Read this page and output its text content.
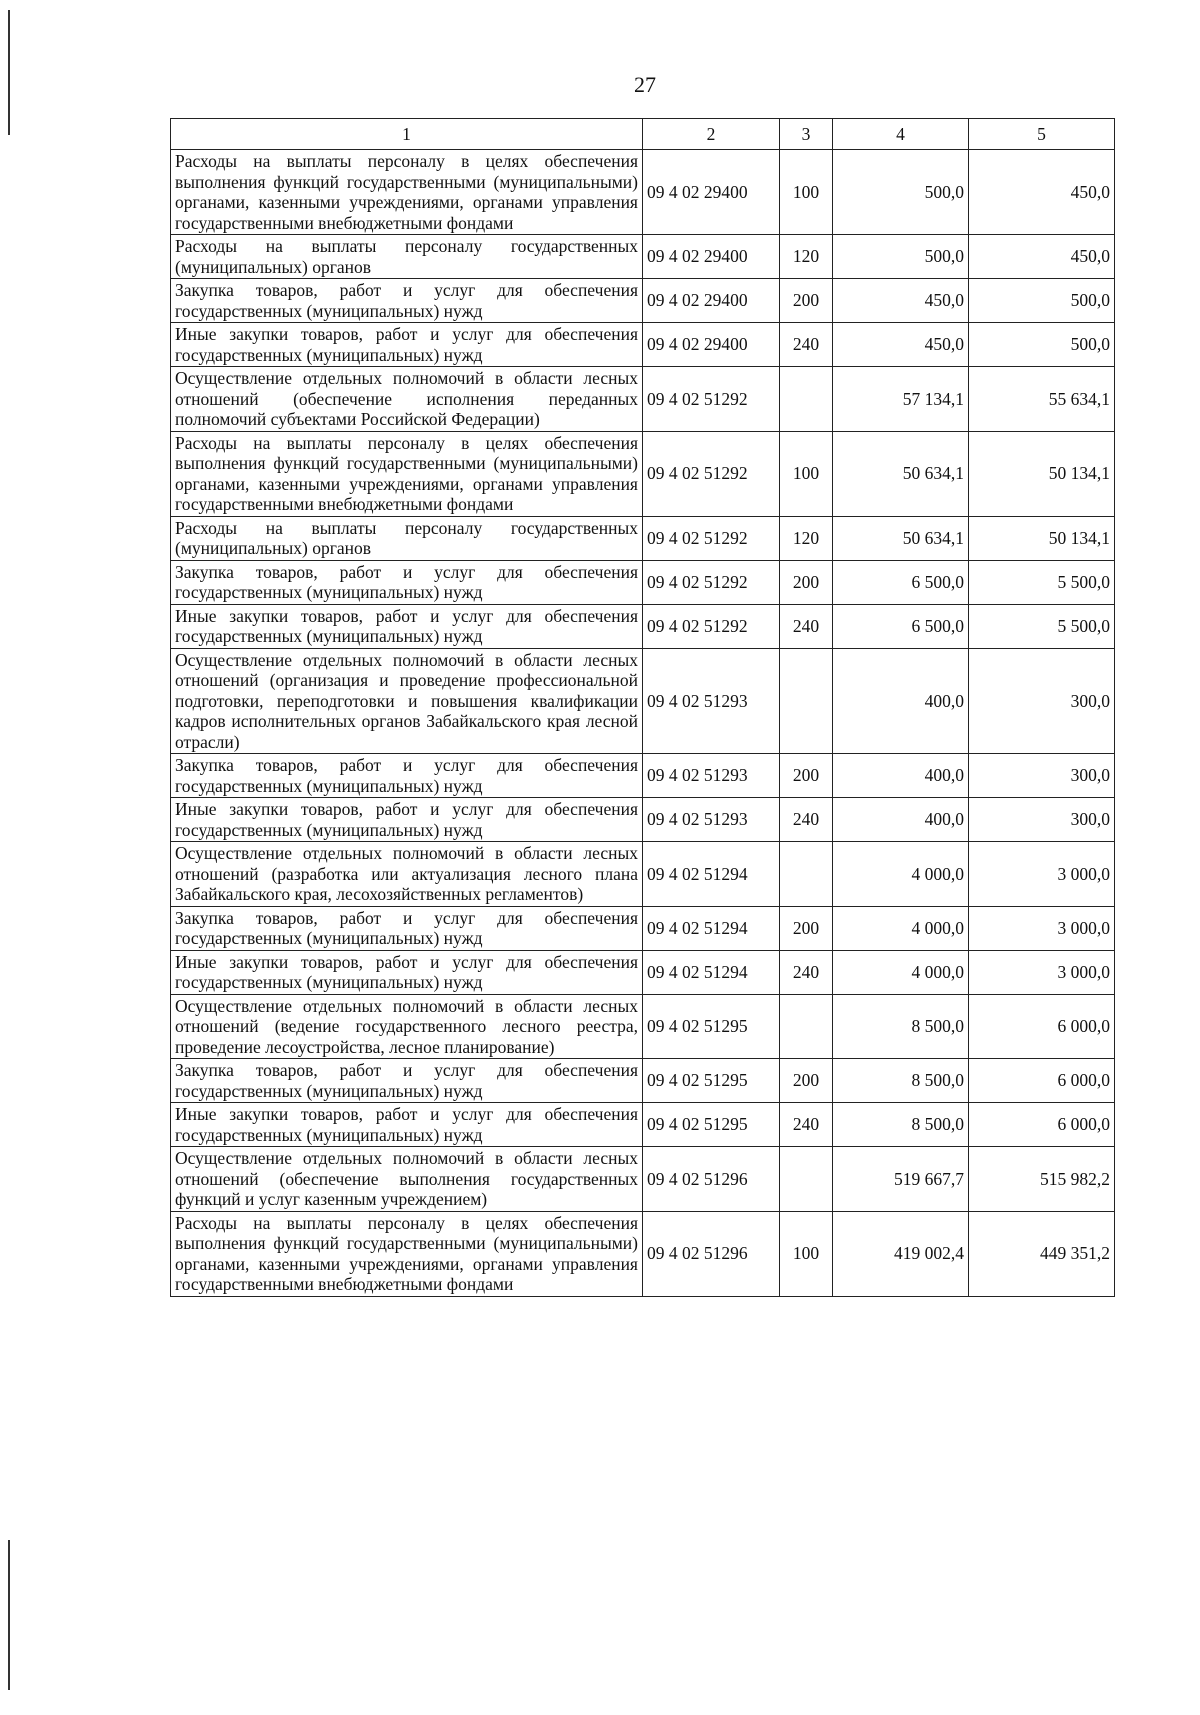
27
1	2	3	4	5
Расходы на выплаты персоналу в целях обеспечения выполнения функций государственными (муниципальными) органами, казенными учреждениями, органами управления государственными внебюджетными фондами	09 4 02 29400	100	500,0	450,0
Расходы на выплаты персоналу государственных (муниципальных) органов	09 4 02 29400	120	500,0	450,0
Закупка товаров, работ и услуг для обеспечения государственных (муниципальных) нужд	09 4 02 29400	200	450,0	500,0
Иные закупки товаров, работ и услуг для обеспечения государственных (муниципальных) нужд	09 4 02 29400	240	450,0	500,0
Осуществление отдельных полномочий в области лесных отношений (обеспечение исполнения переданных полномочий субъектами Российской Федерации)	09 4 02 51292		57 134,1	55 634,1
Расходы на выплаты персоналу в целях обеспечения выполнения функций государственными (муниципальными) органами, казенными учреждениями, органами управления государственными внебюджетными фондами	09 4 02 51292	100	50 634,1	50 134,1
Расходы на выплаты персоналу государственных (муниципальных) органов	09 4 02 51292	120	50 634,1	50 134,1
Закупка товаров, работ и услуг для обеспечения государственных (муниципальных) нужд	09 4 02 51292	200	6 500,0	5 500,0
Иные закупки товаров, работ и услуг для обеспечения государственных (муниципальных) нужд	09 4 02 51292	240	6 500,0	5 500,0
Осуществление отдельных полномочий в области лесных отношений (организация и проведение профессиональной подготовки, переподготовки и повышения квалификации кадров исполнительных органов Забайкальского края лесной отрасли)	09 4 02 51293		400,0	300,0
Закупка товаров, работ и услуг для обеспечения государственных (муниципальных) нужд	09 4 02 51293	200	400,0	300,0
Иные закупки товаров, работ и услуг для обеспечения государственных (муниципальных) нужд	09 4 02 51293	240	400,0	300,0
Осуществление отдельных полномочий в области лесных отношений (разработка или актуализация лесного плана Забайкальского края, лесохозяйственных регламентов)	09 4 02 51294		4 000,0	3 000,0
Закупка товаров, работ и услуг для обеспечения государственных (муниципальных) нужд	09 4 02 51294	200	4 000,0	3 000,0
Иные закупки товаров, работ и услуг для обеспечения государственных (муниципальных) нужд	09 4 02 51294	240	4 000,0	3 000,0
Осуществление отдельных полномочий в области лесных отношений (ведение государственного лесного реестра, проведение лесоустройства, лесное планирование)	09 4 02 51295		8 500,0	6 000,0
Закупка товаров, работ и услуг для обеспечения государственных (муниципальных) нужд	09 4 02 51295	200	8 500,0	6 000,0
Иные закупки товаров, работ и услуг для обеспечения государственных (муниципальных) нужд	09 4 02 51295	240	8 500,0	6 000,0
Осуществление отдельных полномочий в области лесных отношений (обеспечение выполнения государственных функций и услуг казенным учреждением)	09 4 02 51296		519 667,7	515 982,2
Расходы на выплаты персоналу в целях обеспечения выполнения функций государственными (муниципальными) органами, казенными учреждениями, органами управления государственными внебюджетными фондами	09 4 02 51296	100	419 002,4	449 351,2
